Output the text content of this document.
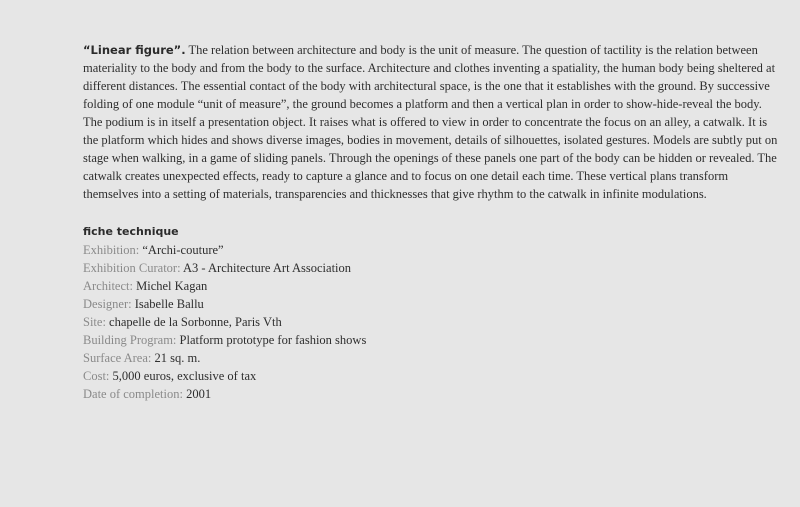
“Linear figure”. The relation between architecture and body is the unit of measure. The question of tactility is the relation between materiality to the body and from the body to the surface. Architecture and clothes inventing a spatiality, the human body being sheltered at different distances. The essential contact of the body with architectural space, is the one that it establishes with the ground. By successive folding of one module “unit of measure”, the ground becomes a platform and then a vertical plan in order to show-hide-reveal the body. The podium is in itself a presentation object. It raises what is offered to view in order to concentrate the focus on an alley, a catwalk. It is the platform which hides and shows diverse images, bodies in movement, details of silhouettes, isolated gestures. Models are subtly put on stage when walking, in a game of sliding panels. Through the openings of these panels one part of the body can be hidden or revealed. The catwalk creates unexpected effects, ready to capture a glance and to focus on one detail each time. These vertical plans transform themselves into a setting of materials, transparencies and thicknesses that give rhythm to the catwalk in infinite modulations.

fiche technique
Exhibition: “Archi-couture”
Exhibition Curator: A3 - Architecture Art Association
Architect: Michel Kagan
Designer: Isabelle Ballu
Site: chapelle de la Sorbonne, Paris Vth
Building Program: Platform prototype for fashion shows
Surface Area: 21 sq. m.
Cost: 5,000 euros, exclusive of tax
Date of completion: 2001
